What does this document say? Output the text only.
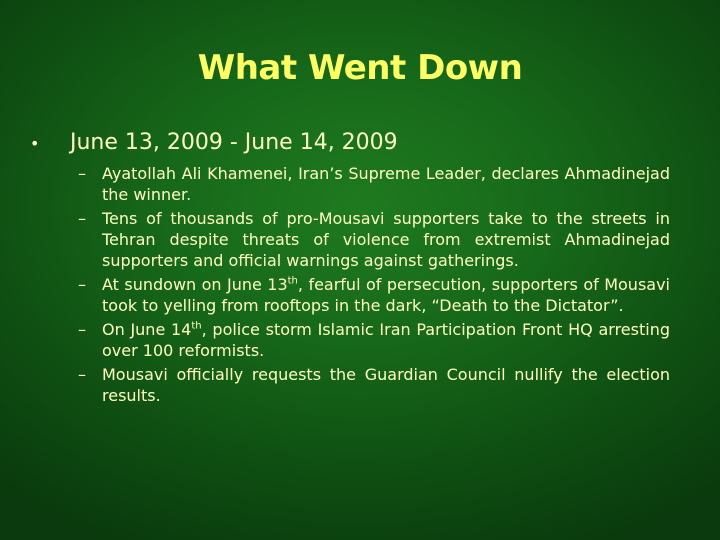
What Went Down
•	June 13, 2009 - June 14, 2009
–	Ayatollah Ali Khamenei, Iran’s Supreme Leader, declares Ahmadinejad the winner.
–	Tens of thousands of pro-Mousavi supporters take to the streets in Tehran despite threats of violence from extremist Ahmadinejad supporters and official warnings against gatherings.
–	At sundown on June 13th, fearful of persecution, supporters of Mousavi took to yelling from rooftops in the dark, “Death to the Dictator”.
–	On June 14th, police storm Islamic Iran Participation Front HQ arresting over 100 reformists.
–	Mousavi officially requests the Guardian Council nullify the election results.
